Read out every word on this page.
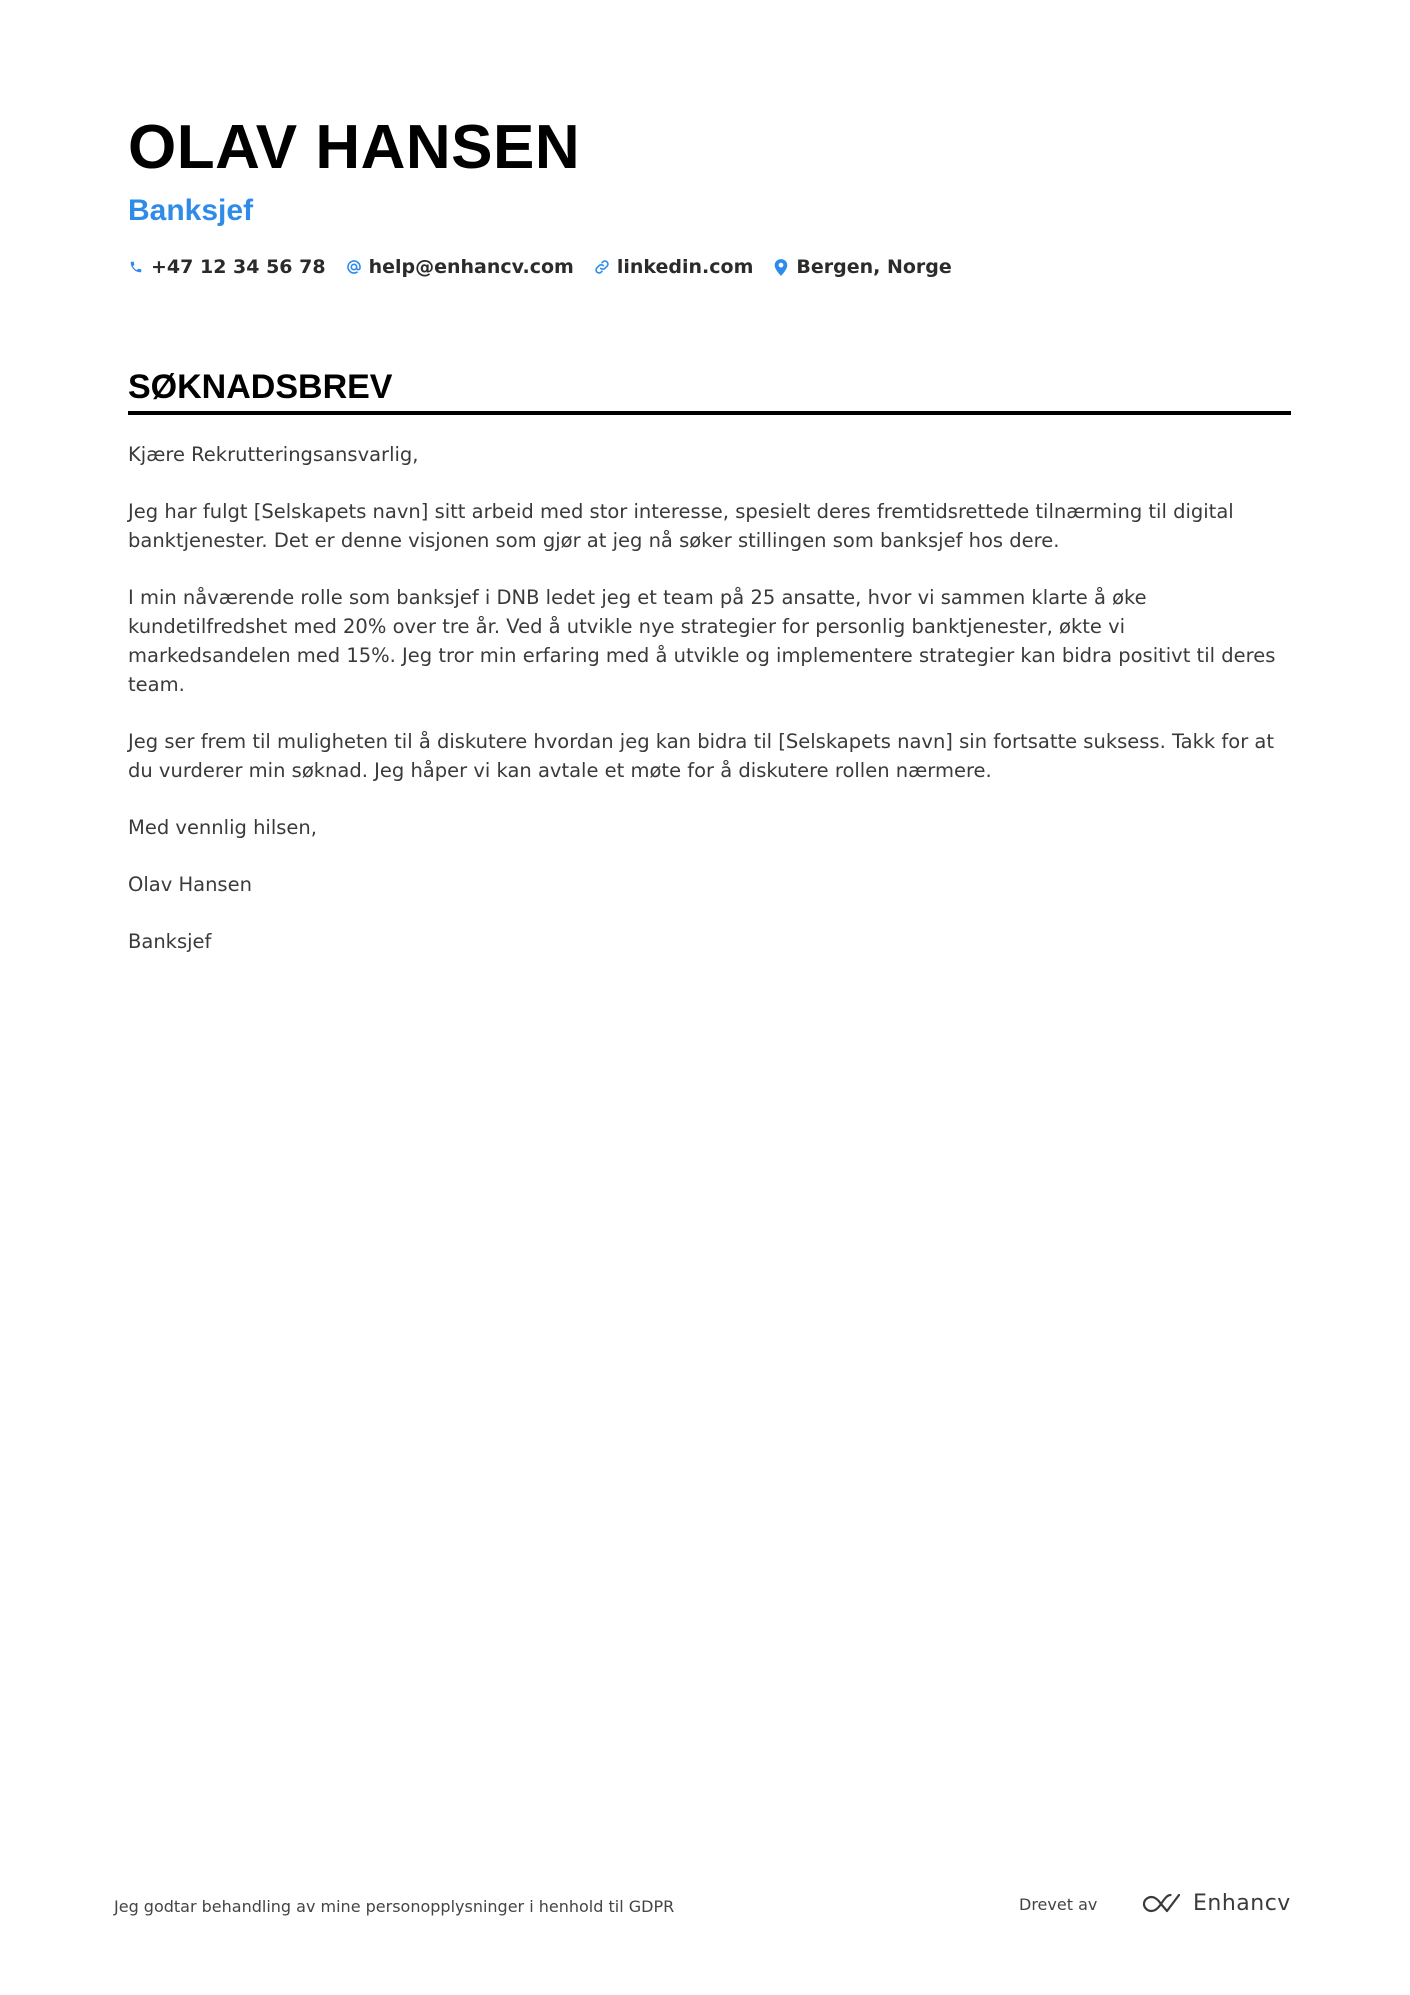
OLAV HANSEN
Banksjef
+47 12 34 56 78 help@enhancv.com linkedin.com Bergen, Norge
SØKNADSBREV

Kjære Rekrutteringsansvarlig,

Jeg har fulgt [Selskapets navn] sitt arbeid med stor interesse, spesielt deres fremtidsrettede tilnærming til digital banktjenester. Det er denne visjonen som gjør at jeg nå søker stillingen som banksjef hos dere.

I min nåværende rolle som banksjef i DNB ledet jeg et team på 25 ansatte, hvor vi sammen klarte å øke kundetilfredshet med 20% over tre år. Ved å utvikle nye strategier for personlig banktjenester, økte vi markedsandelen med 15%. Jeg tror min erfaring med å utvikle og implementere strategier kan bidra positivt til deres team.

Jeg ser frem til muligheten til å diskutere hvordan jeg kan bidra til [Selskapets navn] sin fortsatte suksess. Takk for at du vurderer min søknad. Jeg håper vi kan avtale et møte for å diskutere rollen nærmere.

Med vennlig hilsen,

Olav Hansen

Banksjef

Jeg godtar behandling av mine personopplysninger i henhold til GDPR	Drevet av	Enhancv
